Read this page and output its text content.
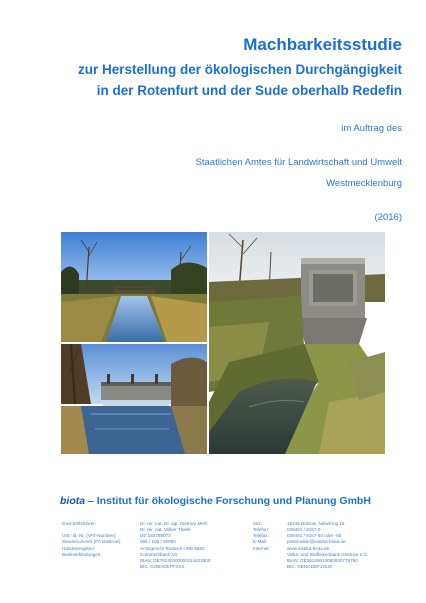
Machbarkeitsstudie
zur Herstellung der ökologischen Durchgängigkeit
in der Rotenfurt und der Sude oberhalb Redefin
im Auftrag des
Staatlichen Amtes für Landwirtschaft und Umwelt
Westmecklenburg
(2016)
biota – Institut für ökologische Forschung und Planung GmbH
Geschäftsführer:
USt.-Id.-Nr. (VAT-Number):
Steuernummer (FA Güstrow):
Handelsregister:
Bankverbindungen:
Dr. rer. nat. Dr. agr. Dietmar Mehl
Dr. rer. nat. Volker Thiele
DE 164789073
086 / 106 / 02690
Amtsgericht Rostock HRB 5562
Commerzbank AG
IBAN: DE76130400000114422900
BIC: COBADEFFXXX
Sitz:
Telefon:
Telefax:
E-Mail:
Internet:
18246 Bützow, Nebelring 15
038461 / 9167-0
038461 / 9167-50 oder -55
postmaster@institut-biota.de
www.institut-biota.de
Volks- und Raiffeisenbank Güstrow e.G.
IBAN: DE36140613080000779750
BIC: GENODEF1GUE
